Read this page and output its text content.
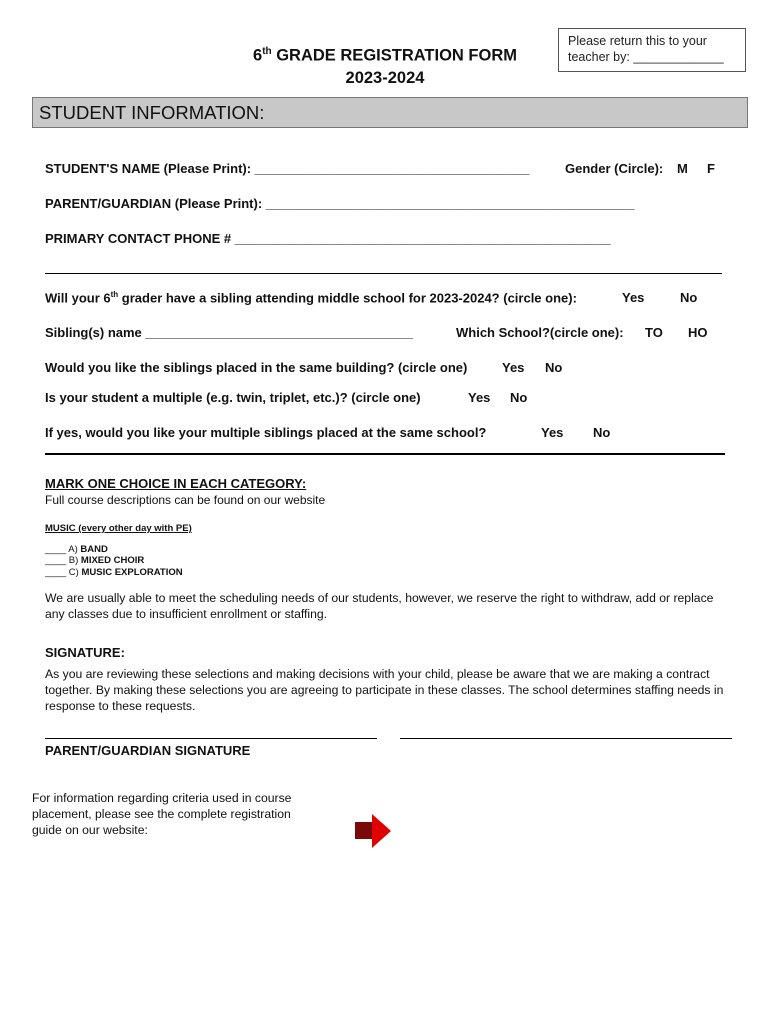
Please return this to your
teacher by: _____________
6th GRADE REGISTRATION FORM
2023-2024
STUDENT INFORMATION:
STUDENT'S NAME (Please Print): ______________________________________	Gender (Circle): M F
PARENT/GUARDIAN (Please Print): ___________________________________________________
PRIMARY CONTACT PHONE # ____________________________________________________
Will your 6th grader have a sibling attending middle school for 2023-2024? (circle one):	Yes	No
Sibling(s) name _____________________________________	Which School?(circle one): TO HO
Would you like the siblings placed in the same building? (circle one)	Yes No
Is your student a multiple (e.g. twin, triplet, etc.)? (circle one)	Yes No
If yes, would you like your multiple siblings placed at the same school?	Yes No
MARK ONE CHOICE IN EACH CATEGORY:
Full course descriptions can be found on our website
MUSIC (every other day with PE)
____ A) BAND
____ B) MIXED CHOIR
____ C) MUSIC EXPLORATION
We are usually able to meet the scheduling needs of our students, however, we reserve the right to withdraw, add or replace any classes due to insufficient enrollment or staffing.
SIGNATURE:
As you are reviewing these selections and making decisions with your child, please be aware that we are making a contract together. By making these selections you are agreeing to participate in these classes. The school determines staffing needs in response to these requests.
PARENT/GUARDIAN SIGNATURE
For information regarding criteria used in course placement, please see the complete registration guide on our website:
